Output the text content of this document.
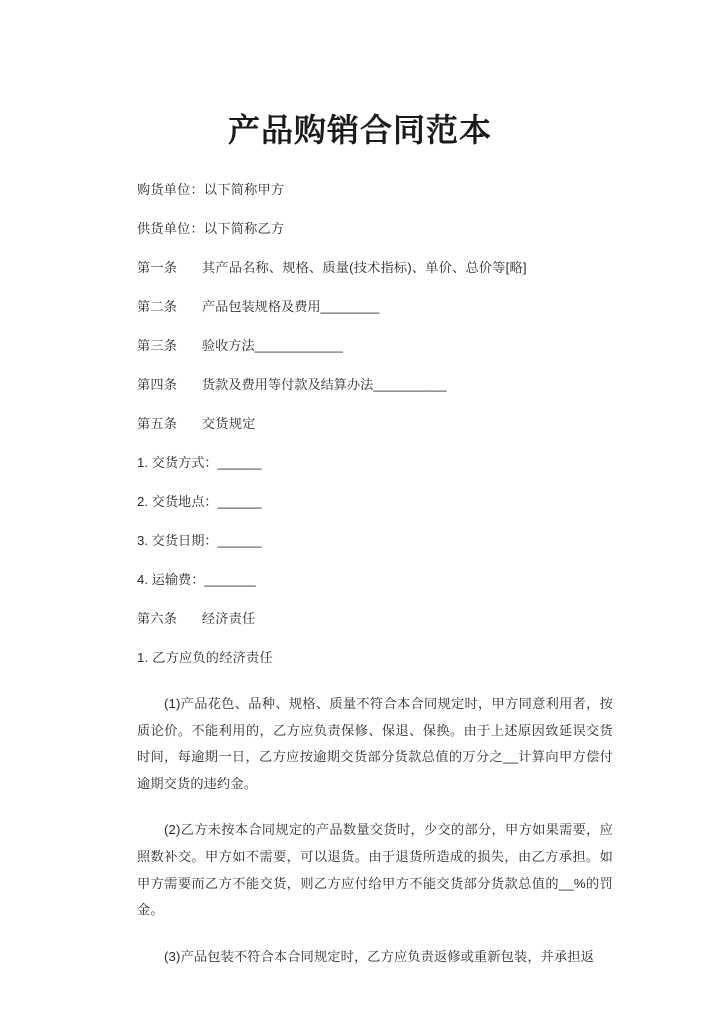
产品购销合同范本
购货单位：以下简称甲方
供货单位：以下简称乙方
第一条 其产品名称、规格、质量(技术指标)、单价、总价等[略]
第二条 产品包装规格及费用________
第三条 验收方法____________
第四条 货款及费用等付款及结算办法__________
第五条 交货规定
1. 交货方式：______
2. 交货地点：______
3. 交货日期：______
4. 运输费：_______
第六条 经济责任
1. 乙方应负的经济责任

(1)产品花色、品种、规格、质量不符合本合同规定时，甲方同意利用者，按质论价。不能利用的，乙方应负责保修、保退、保换。由于上述原因致延误交货时间，每逾期一日，乙方应按逾期交货部分货款总值的万分之__计算向甲方偿付逾期交货的违约金。

(2)乙方未按本合同规定的产品数量交货时，少交的部分，甲方如果需要，应照数补交。甲方如不需要，可以退货。由于退货所造成的损失，由乙方承担。如甲方需要而乙方不能交货，则乙方应付给甲方不能交货部分货款总值的__%的罚金。

(3)产品包装不符合本合同规定时，乙方应负责返修或重新包装，并承担返
